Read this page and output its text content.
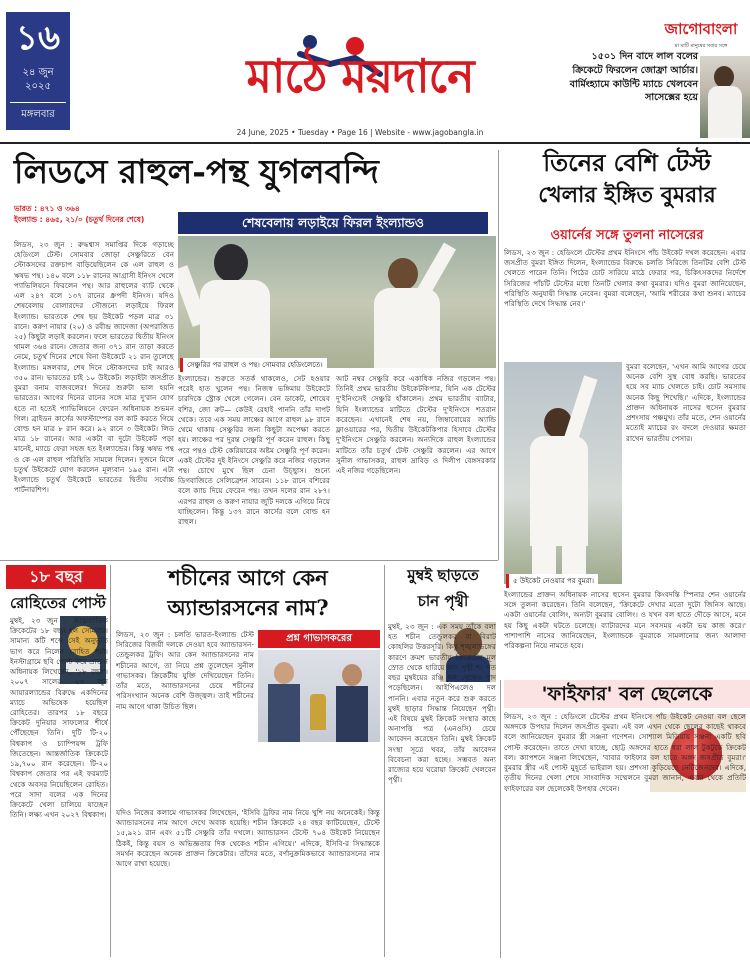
১৬
২৪ জুন
২০২৫
মঙ্গলবার
মাঠে ময়দানে
24 June, 2025 • Tuesday • Page 16 | Website - www.jagobangla.in
জাগোবাংলা
মা মাটি মানুষের সবার সঙ্গে
১৫০১ দিন বাদে লাল বলের ক্রিকেটে ফিরলেন জোফ্রা আর্চার। বার্মিংহ্যামে কাউন্টি ম্যাচে খেলবেন সাসেক্সের হয়ে
লিডসে রাহুল-পন্থ যুগলবন্দি
ভারত : ৪৭১ ও ৩৬৪
ইংল্যান্ড : ৪৬৫, ২১/০ (চতুর্থ দিনের শেষে)	শেষবেলায় লড়াইয়ে ফিরল ইংল্যান্ডও
সেঞ্চুরির পর রাহুল ও পন্থ। সোমবার হেডিংলেতে।
লিডস, ২৩ জুন : রুদ্ধশ্বাস সমাপ্তির দিকে গড়াচ্ছে হেডিংলে টেস্ট। সোমবার জোড়া সেঞ্চুরিতে বেন স্টোকসদের রক্তচাপ বাড়িয়েছিলেন কে এল রাহুল ও ঋষভ পন্থ। ১৪০ বলে ১১৮ রানের আগ্রাসী ইনিংস খেলে প্যাভিলিয়নে ফিরলেন পন্থ। আর রাহুলের ব্যাট থেকে এল ২৪৭ বলে ১৩৭ রানের ধ্রুপদী ইনিংস। যদিও শেষবেলায় বোলারদের সৌজন্যে লড়াইয়ে ফিরল ইংল্যান্ড। ভারতকে শেষ ছয় উইকেট পড়ল মাত্র ৩১ রানে। করুণ নায়ার (২০) ও রবীন্দ্র জাদেজা (অপরাজিত ২৫) কিছুটা লড়াই করলেন। ফলে ভারতের দ্বিতীয় ইনিংস থামল ৩৬৪ রানে। জেতার জন্য ৩৭১ রান তাড়া করতে নেমে, চতুর্থ দিনের শেষে বিনা উইকেটে ২১ রান তুলেছে ইংল্যান্ড। মঙ্গলবার, শেষ দিনে স্টোকসদের চাই আরও ৩৫০ রান। ভারতের চাই ১০ উইকেট। লড়াইটা জসপ্রীত বুমরা বনাম বাজবলের! দিনের শুরুটা ভাল হয়নি ভারতের। আগের দিনের রানের সঙ্গে মাত্র দু'রান যোগ হতে না হতেই প্যাভিলিয়নে ফেরেন অধিনায়ক শুভমন গিল। ব্রাইডন কার্সের অফস্টাম্পের বল কাট করতে গিয়ে বোল্ড হন মাত্র ৮ রান করে। ৯২ রানে ৩ উইকেট। লিড মাত্র ১৮ রানের। আর একটা বা দুটো উইকেট পড়া মানেই, ম্যাচে ফেরা সহজ হত ইংল্যান্ডের। কিন্তু ঋষভ পন্থ ও কে এল রাহুল পরিস্থিতি সামলে দিলেন। দুজনে মিলে চতুর্থ উইকেটে যোগ করলেন মূল্যবান ১৯৫ রান। এটা ইংল্যান্ডে চতুর্থ উইকেটে ভারতের দ্বিতীয় সর্বোচ্চ পার্টনারশিপ।
ইংল্যান্ডের। শুরুতে সতর্ক থাকলেও, সেট হওয়ার পরেই হাত খুলেন পন্থ। নিজস্ব ভঙ্গিমায় উইকেটে চারদিকে স্ট্রোক খেলে গেলেন। বেন ডাকেট, শোয়েব বশির, জো রুট— কেউই রেহাই পাননি তাঁর দাপট থেকে। তবে এক সময় লাঞ্চের আগে রাহুল ৯৮ রানে থেমে থাকায় সেঞ্চুরির জন্য কিছুটা অপেক্ষা করতে হয়। লাঞ্চের পর দুরন্ত সেঞ্চুরি পূর্ণ করেন রাহুল। কিছু পরে পন্থও টেস্ট কেরিয়ারের অষ্টম সেঞ্চুরি পূর্ণ করেন। একই টেস্টের দুই ইনিংসে সেঞ্চুরি করে নজির গড়লেন পন্থ। চোখে মুখে ছিল চেনা উচ্ছ্বাস। শুন্যে ডিগবাজিতে সেলিব্রেশন সারেন। ১১৮ রানে বশিরের বলে ক্যাচ দিয়ে ফেরেন পন্থ। তখন দলের রান ২৮৭। এরপর রাহুল ও করুণ নায়ার জুটি দলকে এগিয়ে নিয়ে যাচ্ছিলেন। কিন্তু ১৩৭ রানে কার্সের বলে বোল্ড হন রাহুল।
আট নম্বর সেঞ্চুরি করে একাধিক নজির গড়লেন পন্থ। তিনিই প্রথম ভারতীয় উইকেটকিপার, যিনি এক টেস্টের দু'ইনিংসেই সেঞ্চুরি হাঁকালেন। প্রথম ভারতীয় ব্যাটার, যিনি ইংল্যান্ডের মাটিতে টেস্টের দু'ইনিংসে শতরান করেছেন। এখানেই শেষ নয়, জিম্বাবোয়ের অ্যান্ডি ফ্লাওয়ারের পর, দ্বিতীয় উইকেটকিপার হিসাবে টেস্টের দু'ইনিংসে সেঞ্চুরি করলেন। অন্যদিকে রাহুল ইংল্যান্ডের মাটিতে তাঁর চতুর্থ টেস্ট সেঞ্চুরি করলেন। এর আগে সুনীল গাভাসকর, রাহুল দ্রাবিড় ও দিলীপ বেঙ্গসরকার এই নজির গড়েছিলেন।
তিনের বেশি টেস্ট
খেলার ইঙ্গিত বুমরার
ওয়ার্নের সঙ্গে তুলনা নাসেরের
লিডস, ২৩ জুন : হেডিংলে টেস্টের প্রথম ইনিংসে পাঁচ উইকেট দখল করেছেন। এবার জসপ্রীত বুমরা ইঙ্গিত দিলেন, ইংল্যান্ডের বিরুদ্ধে চলতি সিরিজে তিনটির বেশি টেস্ট খেলতে পারেন তিনি। পিঠের চোট সারিয়ে মাঠে ফেরার পর, চিকিৎসকদের নির্দেশে সিরিজের পাঁচটি টেস্টের মধ্যে তিনটি খেলার কথা বুমরার। যদিও বুমরা জানিয়েছেন, পরিস্থিতি অনুযায়ী সিদ্ধান্ত নেবেন। বুমরা বলেছেন, 'আমি শরীরের কথা শুনব। ম্যাচের পরিস্থিতি দেখে সিদ্ধান্ত নেব।'
৫ উইকেট নেওয়ার পর বুমরা।
বুমরা বলেছেন, 'এখন আমি আগের চেয়ে অনেক বেশি সুস্থ বোধ করছি। ভারতের হয়ে সব ম্যাচ খেলতে চাই। চোট সমস্যায় অনেক কিছু শিখেছি।' এদিকে, ইংল্যান্ডের প্রাক্তন অধিনায়ক নাসের হুসেন বুমরার প্রশংসায় পঞ্চমুখ। তাঁর মতে, শেন ওয়ার্নের মতোই ম্যাচের রং বদলে দেওয়ার ক্ষমতা রাখেন ভারতীয় পেসার।
ইংল্যান্ডের প্রাক্তন অধিনায়ক নাসের হুসেন বুমরার কিংবদন্তি স্পিনার শেন ওয়ার্নের সঙ্গে তুলনা করেছেন। তিনি বলেছেন, 'ক্রিকেটে দেখার মতো দুটো জিনিস আছে। একটা ওয়ার্নের বোলিং, অন্যটা বুমরার বোলিং। ও যখন বল হাতে দৌড়ে আসে, মনে হয় কিছু একটা ঘটতে চলেছে। ব্যাটারদের মনে সবসময় একটা ভয় কাজ করে।' পাশাপাশি নাসের জানিয়েছেন, ইংল্যান্ডকে বুমরাকে সামলানোর জন্য আলাদা পরিকল্পনা নিয়ে নামতে হবে।
১৮ বছর
রোহিতের পোস্ট
মুম্বই, ২৩ জুন : আন্তর্জাতিক ক্রিকেটের ১৮ বছর হল সোমবার। সামান্য কটি শব্দে সেই অনুভূতি ভাগ করে নিলেন রোহিত শর্মা। ইনস্টাগ্রামে ছবি পোস্ট করে প্রাক্তন অধিনায়ক লিখেছেন, '১৮ বছর'। ২০০৭ সালের ২৩ জুন আয়ারল্যান্ডের বিরুদ্ধে একদিনের ম্যাচে অভিষেক হয়েছিল রোহিতের। তারপর ১৮ বছরে ক্রিকেট দুনিয়ার সাফল্যের শীর্ষে পৌঁছেছেন তিনি। দুটি টি-২০ বিশ্বকাপ ও চ্যাম্পিয়ন্স ট্রফি জিতেছেন। আন্তর্জাতিক ক্রিকেটে ১৯,৭০০ রান করেছেন। টি-২০ বিশ্বকাপ জেতার পর এই ফরম্যাট থেকে অবসর নিয়েছিলেন রোহিত। পরে সাদা বলের এক দিনের ক্রিকেটে খেলা চালিয়ে যাচ্ছেন তিনি। লক্ষ্য এখন ২০২৭ বিশ্বকাপ।
শচীনের আগে কেন
অ্যান্ডারসনের নাম?
লিডস, ২৩ জুন : চলতি ভারত-ইংল্যান্ড টেস্ট সিরিজের বিজয়ী দলকে দেওয়া হবে অ্যান্ডারসন-তেন্ডুলকর ট্রফি। আর কেন অ্যান্ডারসনের নাম শচীনের আগে, তা নিয়ে প্রশ্ন তুলেছেন সুনীল গাভাসকর। ক্রিকেটীয় যুক্তি দেখিয়েছেন তিনি। তাঁর মতে, অ্যান্ডারসনের চেয়ে শচীনের পরিসংখ্যান অনেক বেশি উজ্জ্বল। তাই শচীনের নাম আগে থাকা উচিত ছিল।
প্রশ্ন গাভাসকরের
যদিও নিজের কলামে গাভাসকর লিখেছেন, 'ইসিবি ট্রফির নাম নিয়ে খুশি নয় অনেকেই। কিন্তু অ্যান্ডারসনের নাম আগে দেখে অবাক হয়েছি। শচীন ক্রিকেটে ২৪ বছর কাটিয়েছেন, টেস্টে ১৫,৯২১ রান এবং ৫১টি সেঞ্চুরি তাঁর দখলে। অ্যান্ডারসন টেস্টে ৭০৪ উইকেট নিয়েছেন ঠিকই, কিন্তু বয়স ও অভিজ্ঞতার দিক থেকেও শচীন এগিয়ে।' এদিকে, ইসিবি-র সিদ্ধান্তকে সমর্থন করেছেন অনেক প্রাক্তন ক্রিকেটার। তাঁদের মতে, বর্ণানুক্রমিকভাবে অ্যান্ডারসনের নাম আগে রাখা হয়েছে।
মুম্বই ছাড়তে
চান পৃথ্বী
মুম্বই, ২৩ জুন : এক সময় তাঁকে বলা হত শচীন তেন্ডুলকর বা বিরাট কোহলির উত্তরসূরি। কিন্তু শৃঙ্খলাভঙ্গের কারণে ক্রমশ ভারতীয় ক্রিকেটের মূল স্রোত থেকে হারিয়ে যান পৃথ্বী শ। গত বছর মুম্বইয়ের রঞ্জি দল থেকেও বাদ পড়েছিলেন। আইপিএলেও দল পাননি। এবার নতুন করে শুরু করতে মুম্বই ছাড়ার সিদ্ধান্ত নিয়েছেন পৃথ্বী। এই বিষয়ে মুম্বই ক্রিকেট সংস্থার কাছে অনাপত্তি পত্র (এনওসি) চেয়ে আবেদন করেছেন তিনি। মুম্বই ক্রিকেট সংস্থা সূত্রে খবর, তাঁর আবেদন বিবেচনা করা হচ্ছে। সম্ভবত অন্য রাজ্যের হয়ে ঘরোয়া ক্রিকেট খেলবেন পৃথ্বী।
'ফাইফার' বল ছেলেকে
লিডস, ২৩ জুন : হেডিংলে টেস্টের প্রথম ইনিংসে পাঁচ উইকেট নেওয়া বল ছেলে অঙ্গদকে উপহার দিলেন জসপ্রীত বুমরা। এই বল এখন থেকে ছেলের কাছেই থাকবে বলে জানিয়েছেন বুমরার স্ত্রী সঞ্জনা গণেশন। সোশ্যাল মিডিয়ায় সঞ্জনা একটি ছবি পোস্ট করেছেন। তাতে দেখা যাচ্ছে, ছোট্ট অঙ্গদের হাতে ধরা লাল টুকটুকে ক্রিকেট বল। ক্যাপশনে সঞ্জনা লিখেছেন, 'বাবার ফাইফার বল হাতে অঙ্গদ জসপ্রীত বুমরা।' বুমরার স্ত্রীর এই পোস্ট মুহূর্তে ভাইরাল হয়। প্রশংসা কুড়িয়েছে নেটিজেনদের। এদিকে, তৃতীয় দিনের খেলা শেষে সাংবাদিক সম্মেলনে বুমরা জানান, এবার থেকে প্রতিটি ফাইফারের বল ছেলেকেই উপহার দেবেন।
